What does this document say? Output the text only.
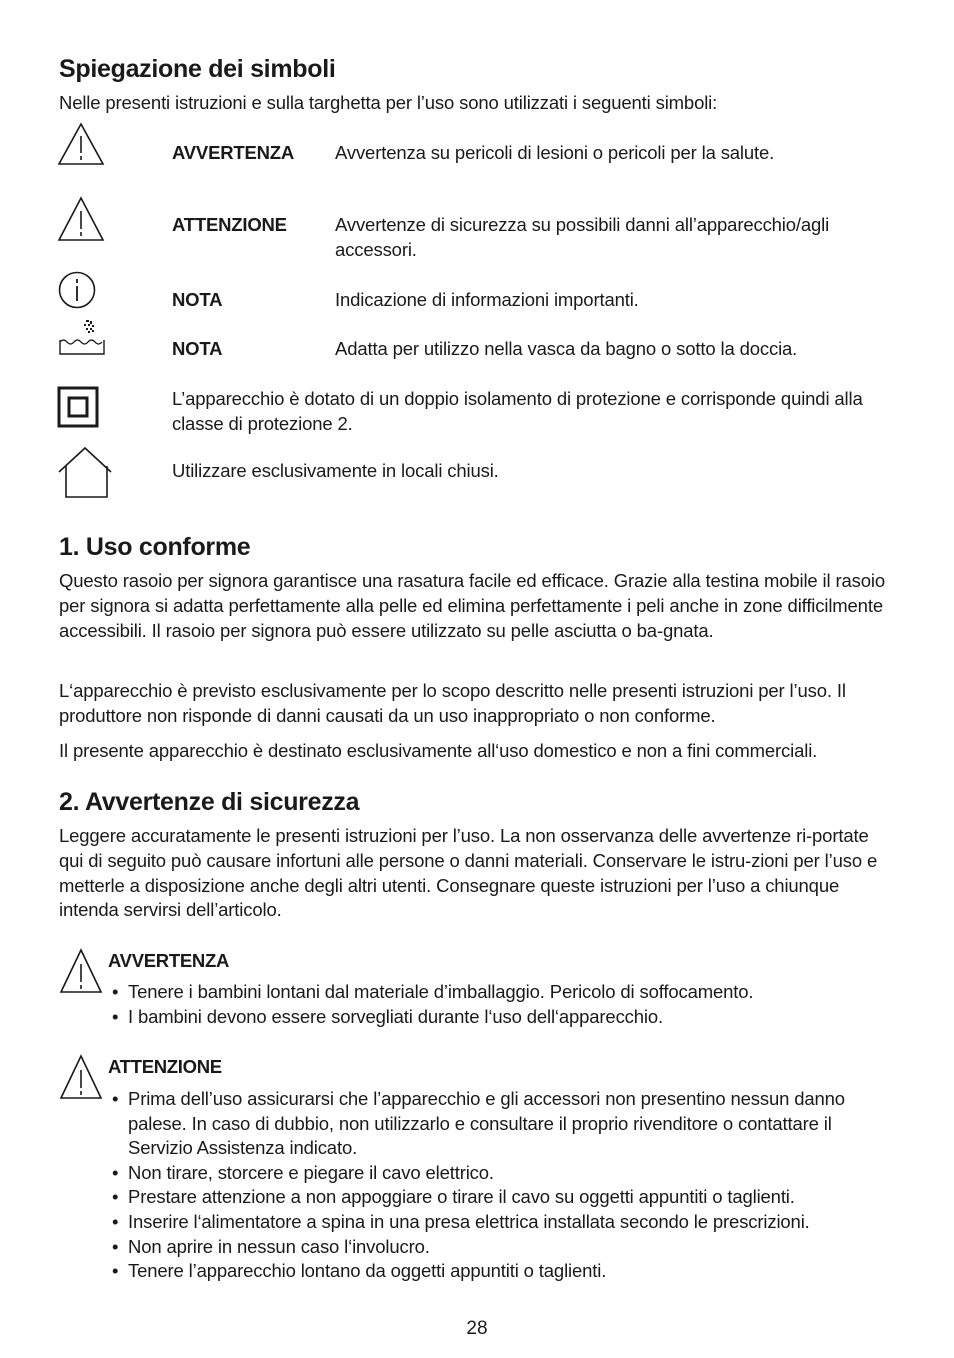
Spiegazione dei simboli

Nelle presenti istruzioni e sulla targhetta per l’uso sono utilizzati i seguenti simboli:

AVVERTENZA Avvertenza su pericoli di lesioni o pericoli per la salute.
ATTENZIONE	Avvertenze di sicurezza su possibili danni all’apparecchio/agli accessori.
NOTA	Indicazione di informazioni importanti.
NOTA	Adatta per utilizzo nella vasca da bagno o sotto la doccia.
L’apparecchio è dotato di un doppio isolamento di protezione e corrisponde quindi alla classe di protezione 2.
Utilizzare esclusivamente in locali chiusi.
1. Uso conforme

Questo rasoio per signora garantisce una rasatura facile ed efficace. Grazie alla testina mobile il rasoio per signora si adatta perfettamente alla pelle ed elimina perfettamente i peli anche in zone difficilmente accessibili. Il rasoio per signora può essere utilizzato su pelle asciutta o ba-gnata.

L‘apparecchio è previsto esclusivamente per lo scopo descritto nelle presenti istruzioni per l’uso. Il produttore non risponde di danni causati da un uso inappropriato o non conforme.

Il presente apparecchio è destinato esclusivamente all‘uso domestico e non a fini commerciali.

2. Avvertenze di sicurezza

Leggere accuratamente le presenti istruzioni per l’uso. La non osservanza delle avvertenze ri-portate qui di seguito può causare infortuni alle persone o danni materiali. Conservare le istru-zioni per l’uso e metterle a disposizione anche degli altri utenti. Consegnare queste istruzioni per l’uso a chiunque intenda servirsi dell’articolo.

AVVERTENZA
• Tenere i bambini lontani dal materiale d’imballaggio. Pericolo di soffocamento.
• I bambini devono essere sorvegliati durante l‘uso dell‘apparecchio.
ATTENZIONE
• Prima dell’uso assicurarsi che l’apparecchio e gli accessori non presentino nessun danno palese. In caso di dubbio, non utilizzarlo e consultare il proprio rivenditore o contattare il Servizio Assistenza indicato.
• Non tirare, storcere e piegare il cavo elettrico.
• Prestare attenzione a non appoggiare o tirare il cavo su oggetti appuntiti o taglienti.
• Inserire l‘alimentatore a spina in una presa elettrica installata secondo le prescrizioni.
• Non aprire in nessun caso l‘involucro.
• Tenere l’apparecchio lontano da oggetti appuntiti o taglienti.
28
